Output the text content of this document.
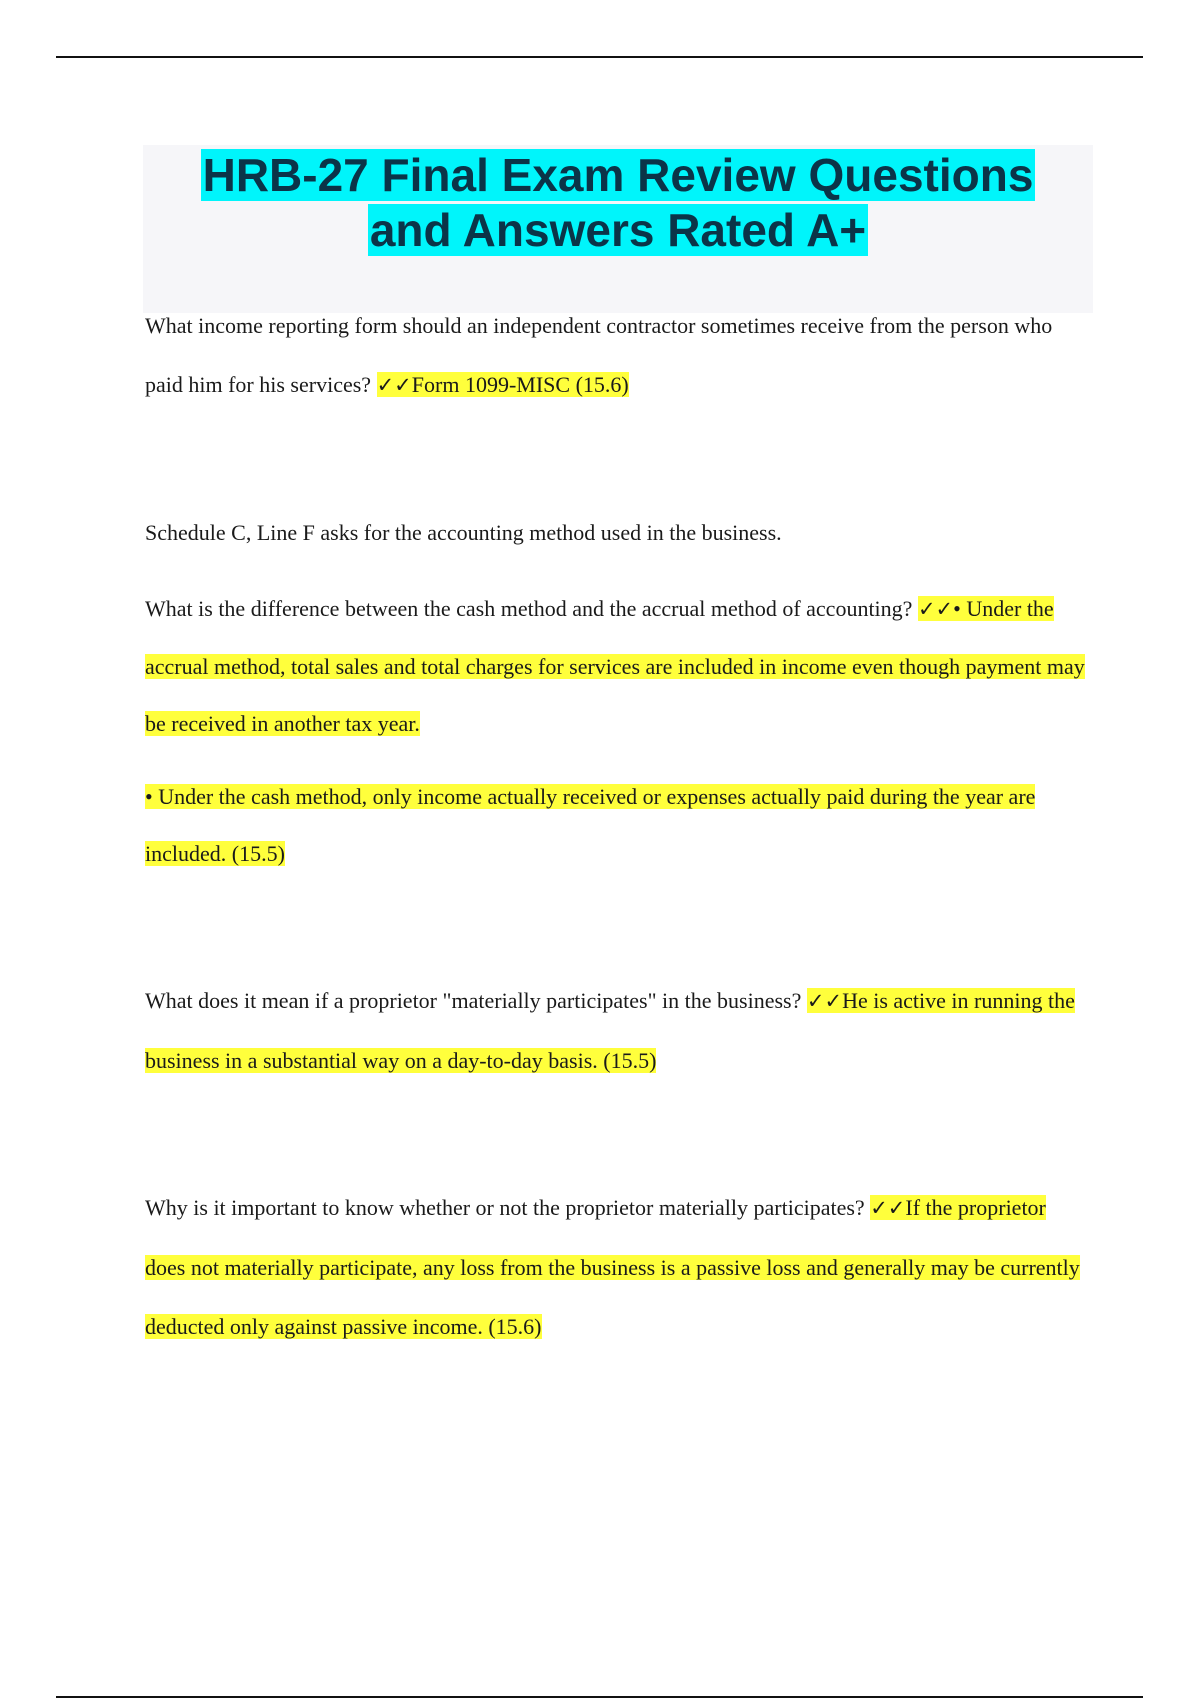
HRB-27 Final Exam Review Questions
and Answers Rated A+

What income reporting form should an independent contractor sometimes receive from the person who paid him for his services? ✓✓Form 1099-MISC (15.6)

Schedule C, Line F asks for the accounting method used in the business.

What is the difference between the cash method and the accrual method of accounting? ✓✓• Under the accrual method, total sales and total charges for services are included in income even though payment may be received in another tax year.

• Under the cash method, only income actually received or expenses actually paid during the year are included. (15.5)

What does it mean if a proprietor "materially participates" in the business? ✓✓He is active in running the business in a substantial way on a day-to-day basis. (15.5)

Why is it important to know whether or not the proprietor materially participates? ✓✓If the proprietor does not materially participate, any loss from the business is a passive loss and generally may be currently deducted only against passive income. (15.6)
